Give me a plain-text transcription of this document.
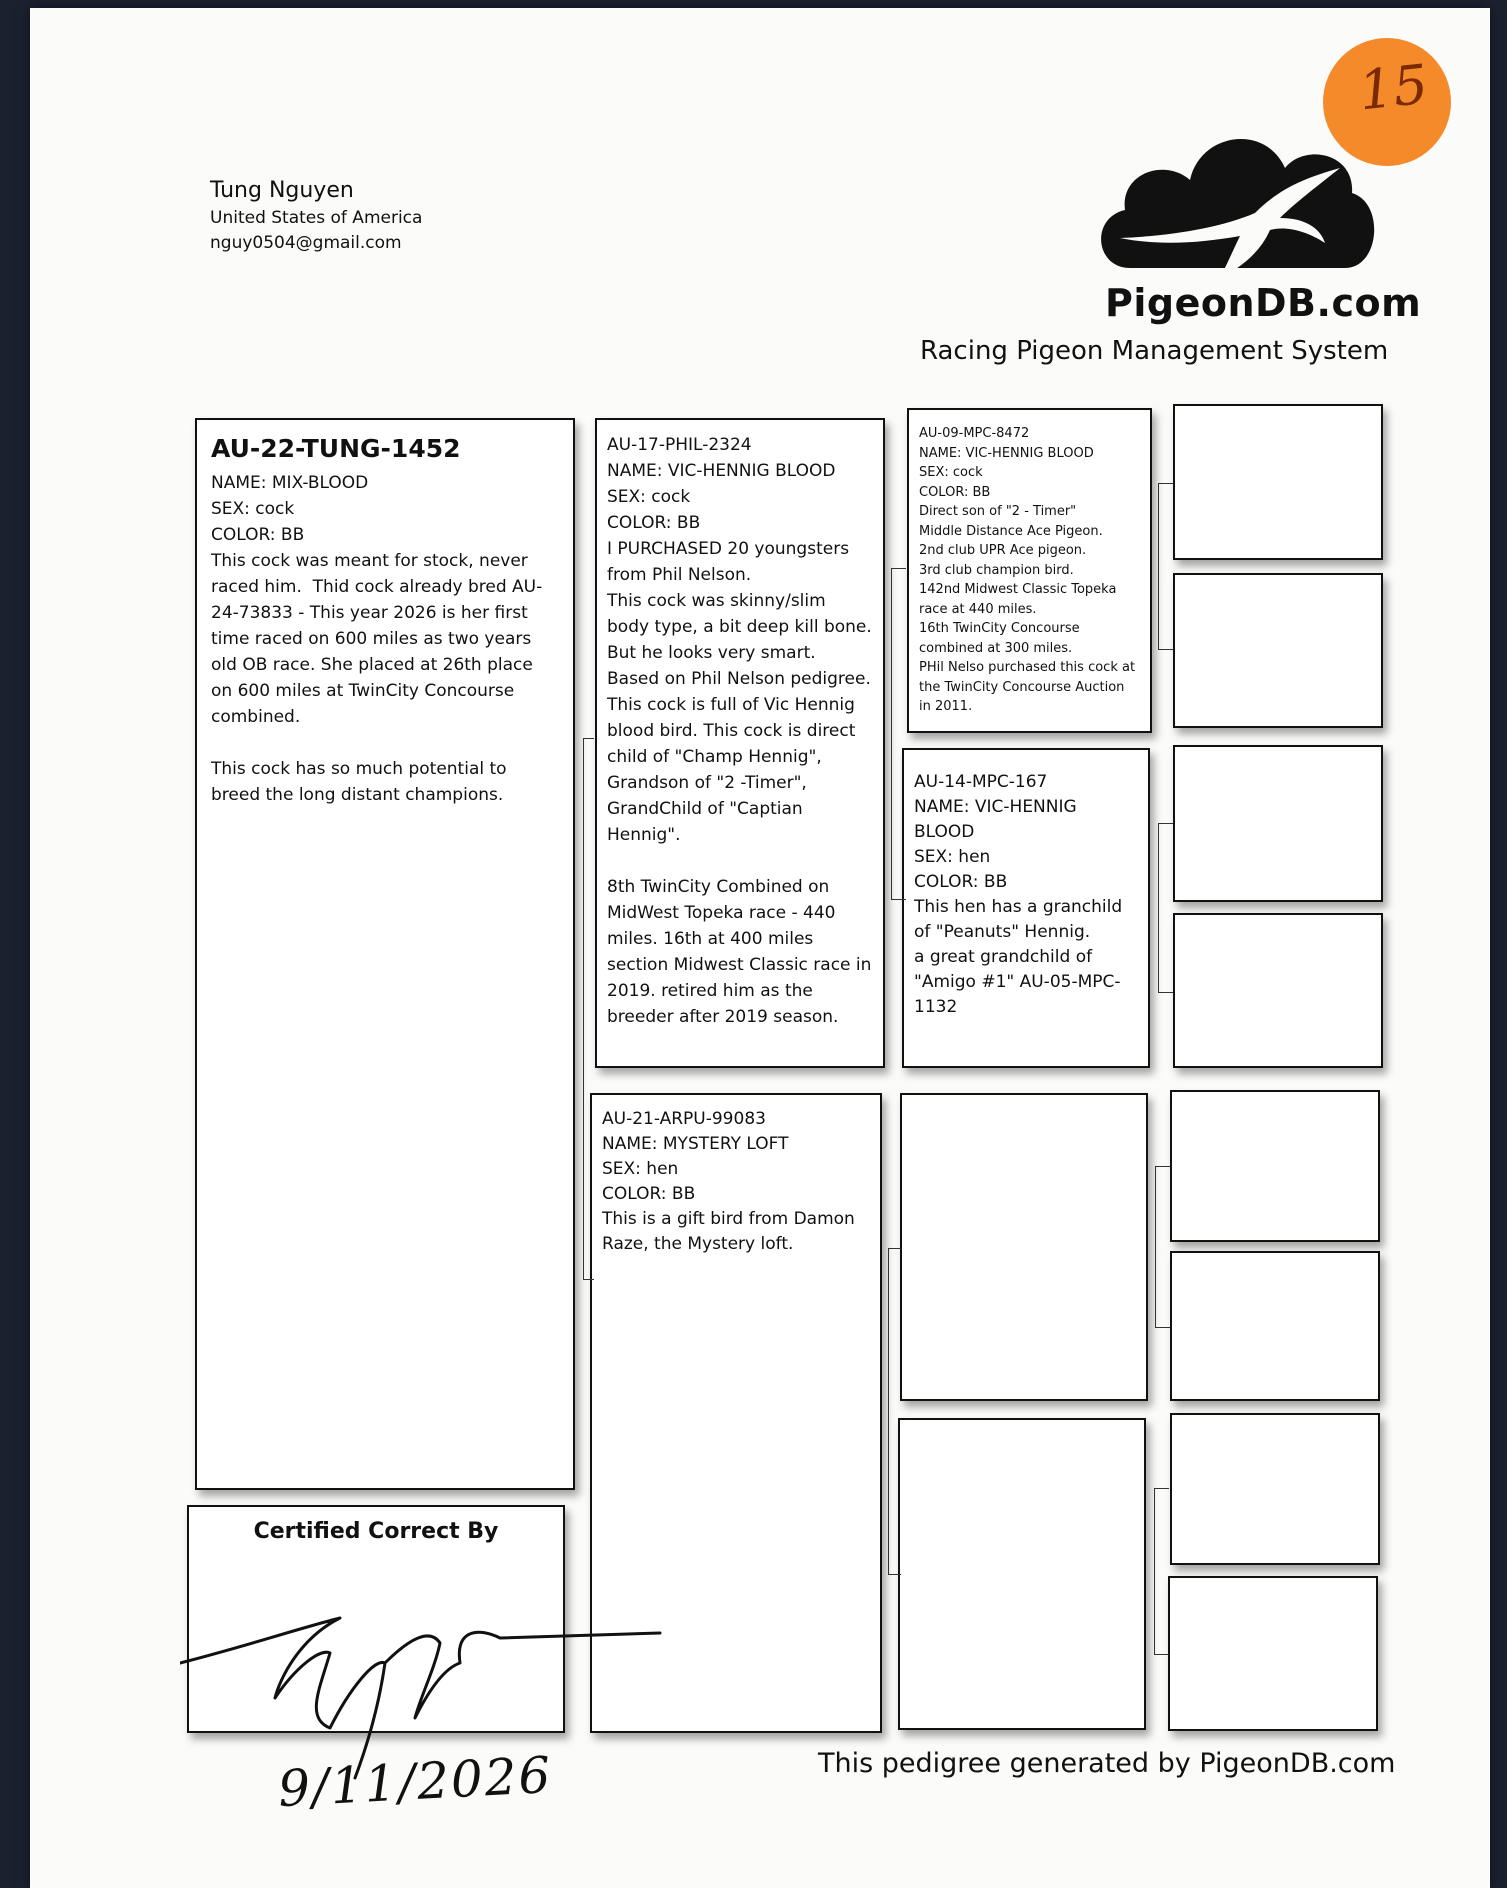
15
Tung Nguyen
United States of America
nguy0504@gmail.com
PigeonDB.com
Racing Pigeon Management System
AU-22-TUNG-1452
NAME: MIX-BLOOD
SEX: cock
COLOR: BB
This cock was meant for stock, never raced him.  Thid cock already bred AU-24-73833 - This year 2026 is her first time raced on 600 miles as two years old OB race. She placed at 26th place on 600 miles at TwinCity Concourse combined.

This cock has so much potential to breed the long distant champions.
AU-17-PHIL-2324
NAME: VIC-HENNIG BLOOD
SEX: cock
COLOR: BB
I PURCHASED 20 youngsters from Phil Nelson.
This cock was skinny/slim body type, a bit deep kill bone.  But he looks very smart.  Based on Phil Nelson pedigree. This cock is full of Vic Hennig blood bird. This cock is direct child of "Champ Hennig", Grandson of "2 -Timer", GrandChild of "Captian Hennig".

8th TwinCity Combined on MidWest Topeka race - 440 miles. 16th at 400 miles section Midwest Classic race in 2019. retired him as the breeder after 2019 season.
AU-21-ARPU-99083
NAME: MYSTERY LOFT
SEX: hen
COLOR: BB
This is a gift bird from Damon Raze, the Mystery loft.
AU-09-MPC-8472
NAME: VIC-HENNIG BLOOD
SEX: cock
COLOR: BB
Direct son of "2 - Timer"
Middle Distance Ace Pigeon.
2nd club UPR Ace pigeon.
3rd club champion bird.
142nd Midwest Classic Topeka race at 440 miles.
16th TwinCity Concourse combined at 300 miles.
PHil Nelso purchased this cock at the TwinCity Concourse Auction in 2011.
AU-14-MPC-167
NAME: VIC-HENNIG BLOOD
SEX: hen
COLOR: BB
This hen has a granchild of "Peanuts" Hennig.
a great grandchild of "Amigo #1" AU-05-MPC-1132
Certified Correct By
9/11/2026	This pedigree generated by PigeonDB.com
